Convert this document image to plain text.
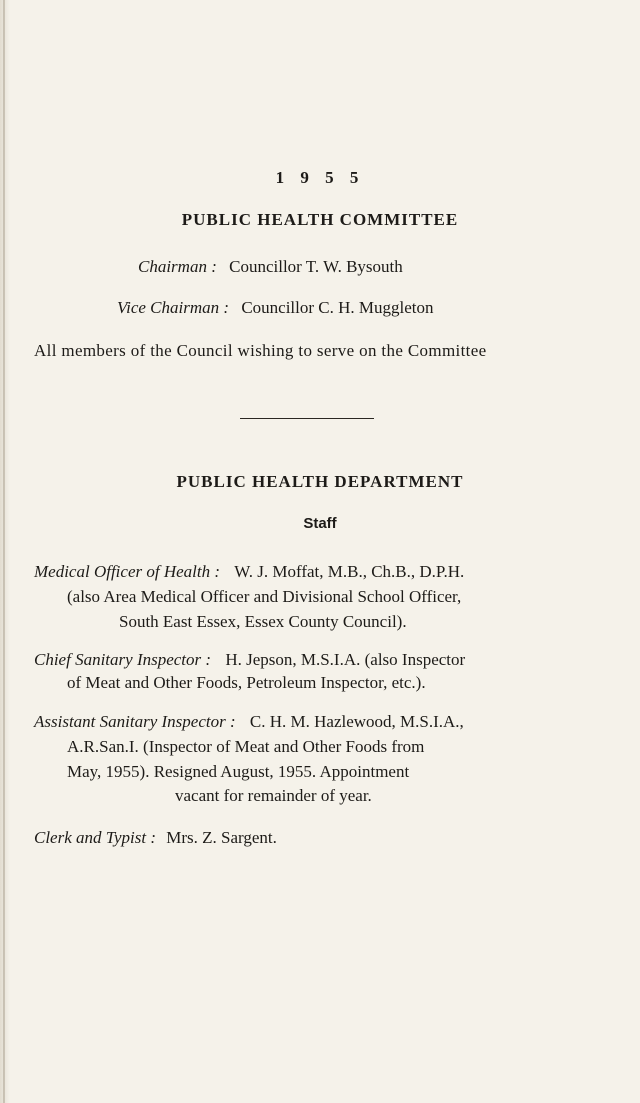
1 9 5 5
PUBLIC HEALTH COMMITTEE
Chairman : Councillor T. W. Bysouth
Vice Chairman : Councillor C. H. Muggleton
All members of the Council wishing to serve on the Committee
PUBLIC HEALTH DEPARTMENT
Staff
Medical Officer of Health : W. J. Moffat, M.B., Ch.B., D.P.H.
(also Area Medical Officer and Divisional School Officer,
South East Essex, Essex County Council).
Chief Sanitary Inspector : H. Jepson, M.S.I.A. (also Inspector
of Meat and Other Foods, Petroleum Inspector, etc.).
Assistant Sanitary Inspector : C. H. M. Hazlewood, M.S.I.A.,
A.R.San.I. (Inspector of Meat and Other Foods from
May, 1955). Resigned August, 1955. Appointment
vacant for remainder of year.
Clerk and Typist : Mrs. Z. Sargent.
